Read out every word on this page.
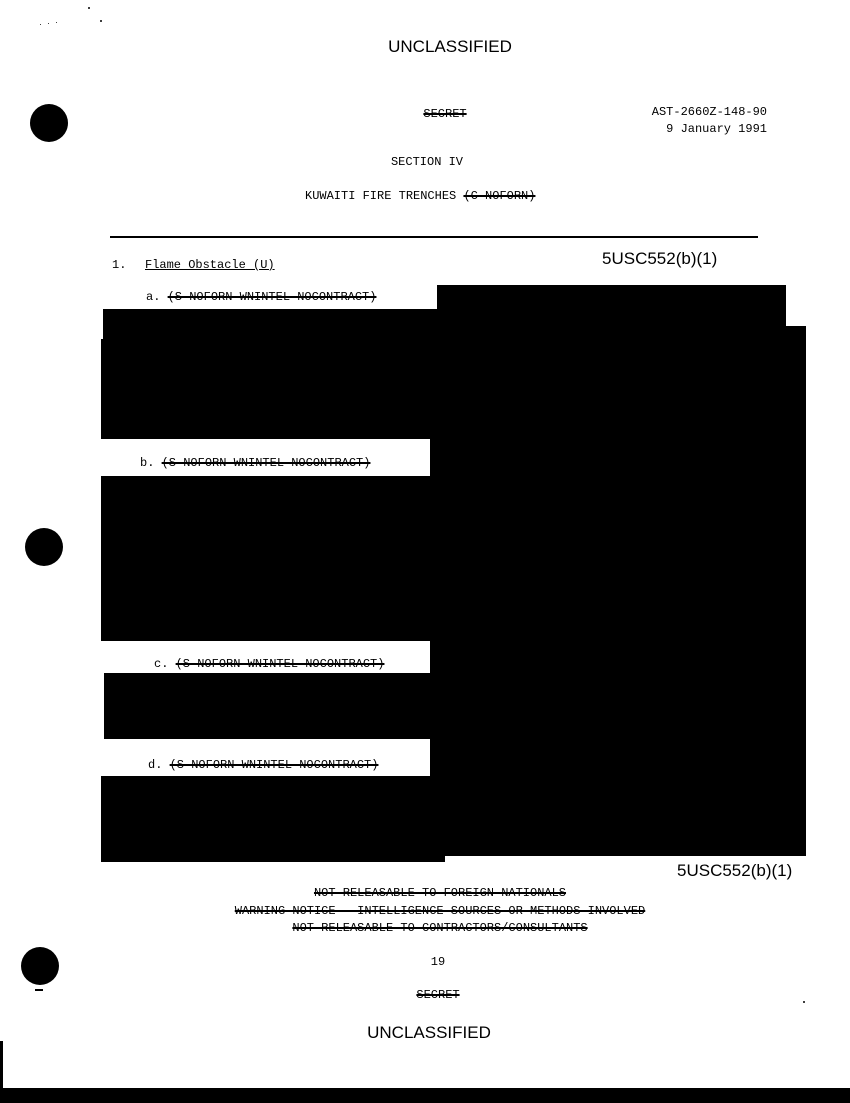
UNCLASSIFIED
SECRET	AST-2660Z-148-90
9 January 1991
SECTION IV
KUWAITI FIRE TRENCHES (C-NOFORN)
1. Flame Obstacle (U)	5USC552(b)(1)
a. (S-NOFORN-WNINTEL-NOCONTRACT)
b. (S-NOFORN-WNINTEL-NOCONTRACT)
c. (S-NOFORN-WNINTEL-NOCONTRACT)
d. (S-NOFORN-WNINTEL-NOCONTRACT)
5USC552(b)(1)
NOT RELEASABLE TO FOREIGN NATIONALS
WARNING NOTICE - INTELLIGENCE SOURCES OR METHODS INVOLVED
NOT RELEASABLE TO CONTRACTORS/CONSULTANTS
19
SECRET
UNCLASSIFIED
